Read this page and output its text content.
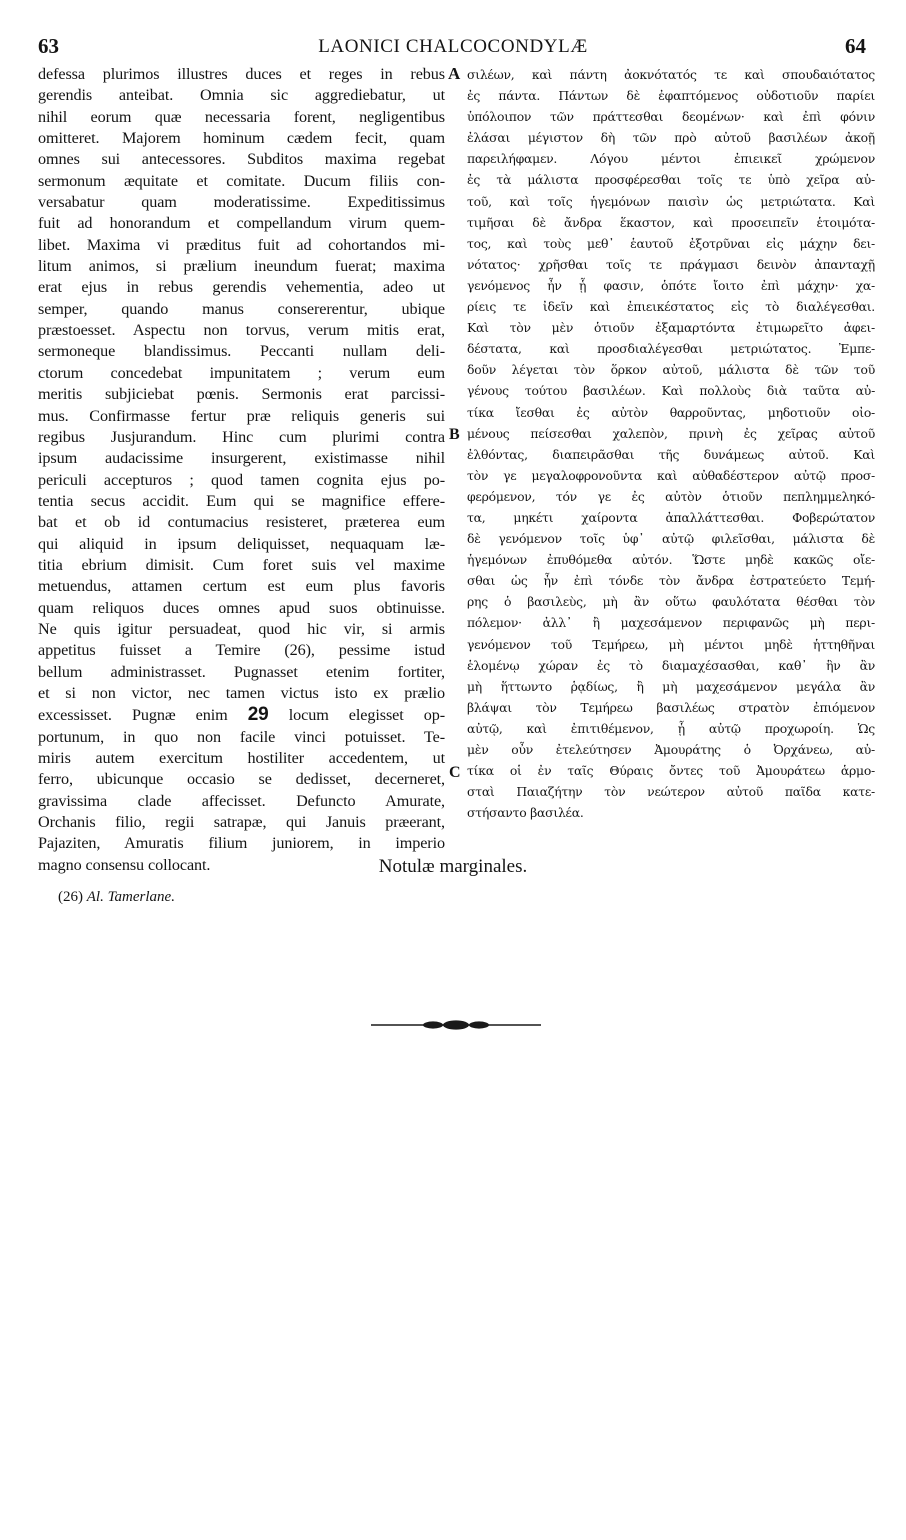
63	LAONICI CHALCOCONDYLÆ	64

defessa plurimos illustres duces et reges in rebus

gerendis anteibat. Omnia sic aggrediebatur, ut

nihil eorum quæ necessaria forent, negligentibus

omitteret. Majorem hominum cædem fecit, quam

omnes sui antecessores. Subditos maxima regebat

sermonum æquitate et comitate. Ducum filiis con-

versabatur quam moderatissime. Expeditissimus

fuit ad honorandum et compellandum virum quem-

libet. Maxima vi præditus fuit ad cohortandos mi-

litum animos, si prælium ineundum fuerat; maxima

erat ejus in rebus gerendis vehementia, adeo ut

semper, quando manus consererentur, ubique

præstoesset. Aspectu non torvus, verum mitis erat,

sermoneque blandissimus. Peccanti nullam deli-

ctorum concedebat impunitatem ; verum eum

meritis subjiciebat pœnis. Sermonis erat parcissi-

mus. Confirmasse fertur præ reliquis generis sui

regibus Jusjurandum. Hinc cum plurimi contra

ipsum audacissime insurgerent, existimasse nihil

periculi accepturos ; quod tamen cognita ejus po-

tentia secus accidit. Eum qui se magnifice effere-

bat et ob id contumacius resisteret, præterea eum

qui aliquid in ipsum deliquisset, nequaquam læ-

titia ebrium dimisit. Cum foret suis vel maxime

metuendus, attamen certum est eum plus favoris

quam reliquos duces omnes apud suos obtinuisse.

Ne quis igitur persuadeat, quod hic vir, si armis

appetitus fuisset a Temire (26), pessime istud

bellum administrasset. Pugnasset etenim fortiter,

et si non victor, nec tamen victus isto ex prælio

excessisset. Pugnæ enim 29 locum elegisset op-

portunum, in quo non facile vinci potuisset. Te-

miris autem exercitum hostiliter accedentem, ut

ferro, ubicunque occasio se dedisset, decerneret,

gravissima clade affecisset. Defuncto Amurate,

Orchanis filio, regii satrapæ, qui Januis præerant,

Pajaziten, Amuratis filium juniorem, in imperio

magno consensu collocant.

σιλέων, καὶ πάντη ἀοκνότατός τε καὶ σπουδαιότατος

ἐς πάντα. Πάντων δὲ ἐφαπτόμενος οὐδοτιοῦν παρίει

ὑπόλοιπον τῶν πράττεσθαι δεομένων· καὶ ἐπὶ φόνιν

ἐλάσαι μέγιστον δὴ τῶν πρὸ αὐτοῦ βασιλέων ἀκοῇ

παρειλήφαμεν. Λόγου μέντοι ἐπιεικεῖ χρώμενον

ἐς τὰ μάλιστα προσφέρεσθαι τοῖς τε ὑπὸ χεῖρα αὐ-

τοῦ, καὶ τοῖς ἡγεμόνων παισὶν ὡς μετριώτατα. Καὶ

τιμῆσαι δὲ ἄνδρα ἕκαστον, καὶ προσειπεῖν ἑτοιμότα-

τος, καὶ τοὺς μεθ᾽ ἑαυτοῦ ἐξοτρῦναι εἰς μάχην δει-

νότατος· χρῆσθαι τοῖς τε πράγμασι δεινὸν ἀπανταχῇ

γενόμενος ἦν ᾗ φασιν, ὁπότε ἴοιτο ἐπὶ μάχην· χα-

ρίεις τε ἰδεῖν καὶ ἐπιεικέστατος εἰς τὸ διαλέγεσθαι.

Καὶ τὸν μὲν ὁτιοῦν ἐξαμαρτόντα ἐτιμωρεῖτο ἀφει-

δέστατα, καὶ προσδιαλέγεσθαι μετριώτατος. Ἐμπε-

δοῦν λέγεται τὸν ὅρκον αὐτοῦ, μάλιστα δὲ τῶν τοῦ

γένους τούτου βασιλέων. Καὶ πολλοὺς διὰ ταῦτα αὐ-

τίκα ἴεσθαι ἐς αὐτὸν θαρροῦντας, μηδοτιοῦν οἰο-

μένους πείσεσθαι χαλεπὸν, πρινὴ ἐς χεῖρας αὐτοῦ

ἐλθόντας, διαπειρᾶσθαι τῆς δυνάμεως αὐτοῦ. Καὶ

τὸν γε μεγαλοφρονοῦντα καὶ αὐθαδέστερον αὐτῷ προσ-

φερόμενον, τόν γε ἐς αὐτὸν ὁτιοῦν πεπλημμεληκό-

τα, μηκέτι χαίροντα ἀπαλλάττεσθαι. Φοβερώτατον

δὲ γενόμενον τοῖς ὑφ᾽ αὐτῷ φιλεῖσθαι, μάλιστα δὲ

ἡγεμόνων ἐπυθόμεθα αὐτόν. Ὥστε μηδὲ κακῶς οἴε-

σθαι ὡς ἦν ἐπὶ τόνδε τὸν ἄνδρα ἐστρατεύετο Τεμή-

ρης ὁ βασιλεὺς, μὴ ἂν οὕτω φαυλότατα θέσθαι τὸν

πόλεμον· ἀλλ᾽ ἢ μαχεσάμενον περιφανῶς μὴ περι-

γενόμενον τοῦ Τεμήρεω, μὴ μέντοι μηδὲ ἡττηθῆναι

ἑλομένῳ χώραν ἐς τὸ διαμαχέσασθαι, καθ᾽ ἣν ἂν

μὴ ἥττωντο ῥᾳδίως, ἢ μὴ μαχεσάμενον μεγάλα ἂν

βλάψαι τὸν Τεμήρεω βασιλέως στρατὸν ἐπιόμενον

αὐτῷ, καὶ ἐπιτιθέμενον, ᾗ αὐτῷ προχωροίη. Ὡς

μὲν οὖν ἐτελεύτησεν Ἀμουράτης ὁ Ὀρχάνεω, αὐ-

τίκα οἱ ἐν ταῖς Θύραις ὄντες τοῦ Ἀμουράτεω ἁρμο-

σταὶ Παιαζήτην τὸν νεώτερον αὐτοῦ παῖδα κατε-

στήσαντο βασιλέα.

A
B
C
Notulæ marginales.
(26) Al. Tamerlane.
